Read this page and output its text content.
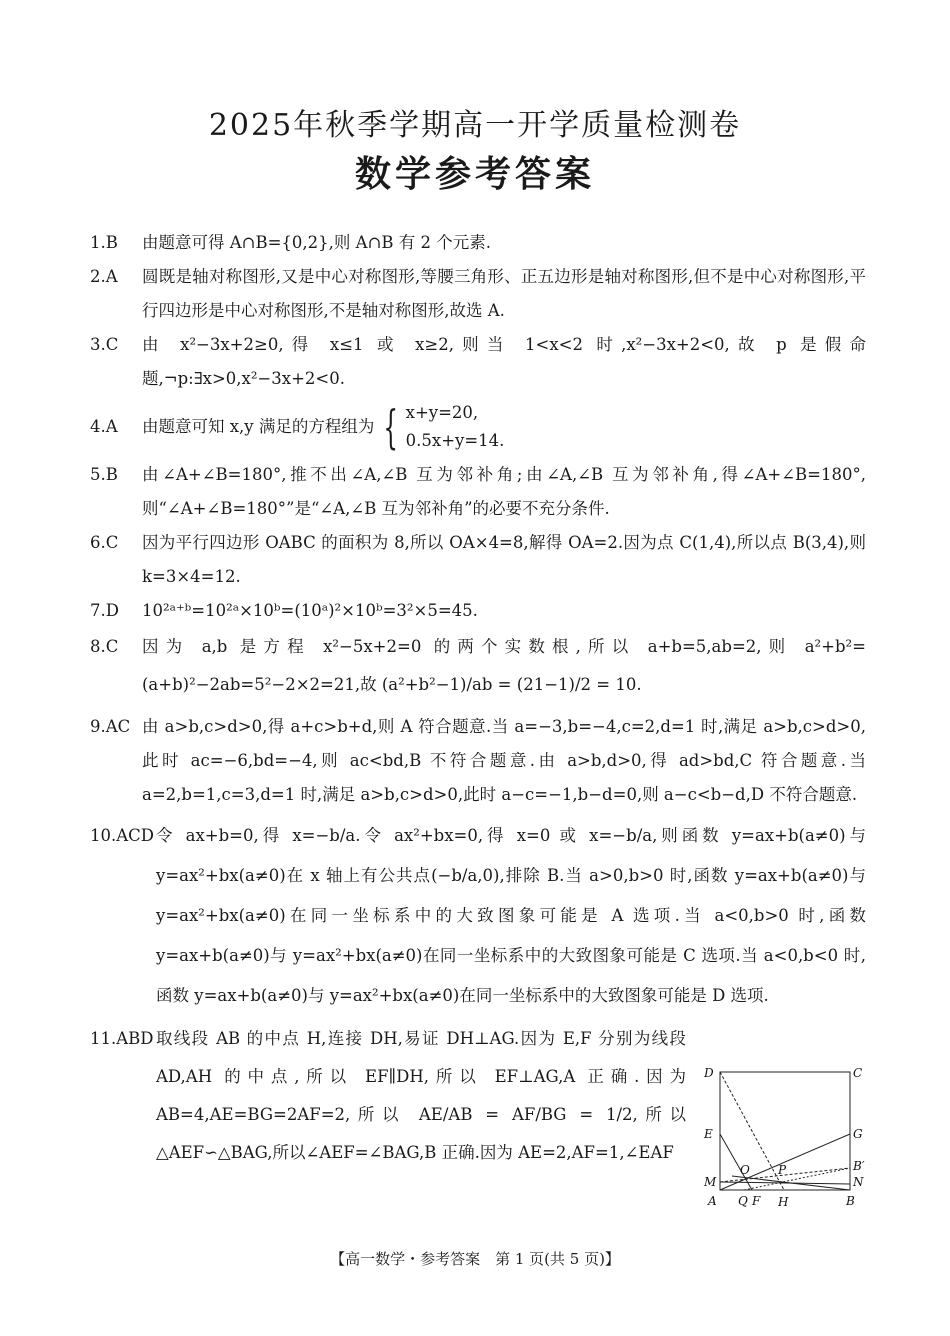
2025年秋季学期高一开学质量检测卷
数学参考答案
1.B	由题意可得 A∩B={0,2},则 A∩B 有 2 个元素.

2.A	圆既是轴对称图形,又是中心对称图形,等腰三角形、正五边形是轴对称图形,但不是中心对称图形,平行四边形是中心对称图形,不是轴对称图形,故选 A.

3.C	由 x²−3x+2≥0,得 x≤1 或 x≥2,则当 1<x<2 时,x²−3x+2<0,故 p 是假命题,¬p:∃x>0,x²−3x+2<0.

4.A	由题意可知 x,y 满足的方程组为 { x+y=20,
0.5x+y=14.
5.B	由∠A+∠B=180°,推不出∠A,∠B 互为邻补角;由∠A,∠B 互为邻补角,得∠A+∠B=180°,则“∠A+∠B=180°”是“∠A,∠B 互为邻补角”的必要不充分条件.

6.C	因为平行四边形 OABC 的面积为 8,所以 OA×4=8,解得 OA=2.因为点 C(1,4),所以点 B(3,4),则 k=3×4=12.

7.D	10²ᵃ⁺ᵇ=10²ᵃ×10ᵇ=(10ᵃ)²×10ᵇ=3²×5=45.

8.C	因为 a,b 是方程 x²−5x+2=0 的两个实数根,所以 a+b=5,ab=2,则 a²+b²=(a+b)²−2ab=5²−2×2=21,故 (a²+b²−1)/ab = (21−1)/2 = 10.

9.AC 由 a>b,c>d>0,得 a+c>b+d,则 A 符合题意.当 a=−3,b=−4,c=2,d=1 时,满足 a>b,c>d>0,此时 ac=−6,bd=−4,则 ac<bd,B 不符合题意.由 a>b,d>0,得 ad>bd,C 符合题意.当 a=2,b=1,c=3,d=1 时,满足 a>b,c>d>0,此时 a−c=−1,b−d=0,则 a−c<b−d,D 不符合题意.

10.ACD 令 ax+b=0,得 x=−b/a.令 ax²+bx=0,得 x=0 或 x=−b/a,则函数 y=ax+b(a≠0)与 y=ax²+bx(a≠0)在 x 轴上有公共点(−b/a,0),排除 B.当 a>0,b>0 时,函数 y=ax+b(a≠0)与 y=ax²+bx(a≠0)在同一坐标系中的大致图象可能是 A 选项.当 a<0,b>0 时,函数 y=ax+b(a≠0)与 y=ax²+bx(a≠0)在同一坐标系中的大致图象可能是 C 选项.当 a<0,b<0 时,函数 y=ax+b(a≠0)与 y=ax²+bx(a≠0)在同一坐标系中的大致图象可能是 D 选项.

11.ABD 取线段 AB 的中点 H,连接 DH,易证 DH⊥AG.因为 E,F 分别为线段 AD,AH 的中点,所以 EF∥DH,所以 EF⊥AG,A 正确.因为 AB=4,AE=BG=2AF=2,所以 AE/AB = AF/BG = 1/2,所以△AEF∽△BAG,所以∠AEF=∠BAG,B 正确.因为 AE=2,AF=1,∠EAF

D	C
E	G
B′
M	N
O P
A Q F H	B
【高一数学・参考答案　第 1 页(共 5 页)】
